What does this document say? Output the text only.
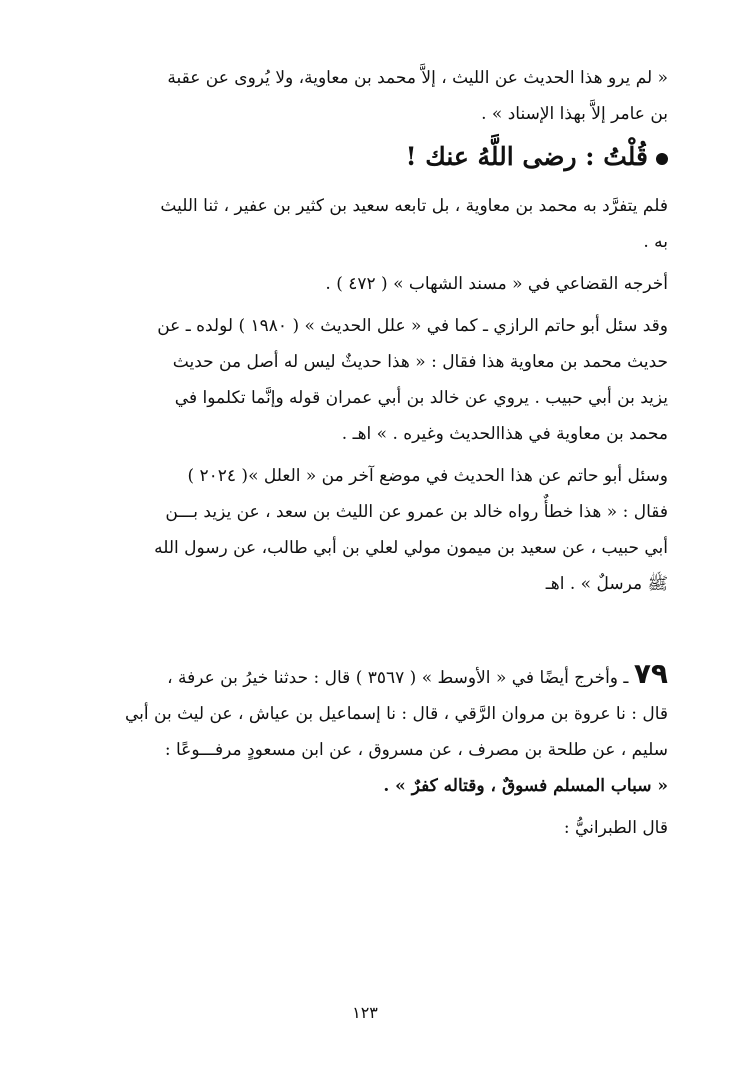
« لم يرو هذا الحديث عن الليث ، إلاَّ محمد بن معاوية، ولا يُروى عن عقبة
بن عامر إلاَّ بهذا الإسناد » .
قُلْتُ : رضى اللَّهُ عنك !
فلم يتفرَّد به محمد بن معاوية ، بل تابعه سعيد بن كثير بن عفير ، ثنا الليث
به .
أخرجه القضاعي في « مسند الشهاب » ( ٤٧٢ ) .
وقد سئل أبو حاتم الرازي ـ كما في « علل الحديث » ( ١٩٨٠ ) لولده ـ عن
حديث محمد بن معاوية هذا فقال : « هذا حديثٌ ليس له أصل من حديث
يزيد بن أبي حبيب . يروي عن خالد بن أبي عمران قوله وإنَّما تكلموا في
محمد بن معاوية في هذاالحديث وغيره . » اهـ .
وسئل أبو حاتم عن هذا الحديث في موضع آخر من « العلل »( ٢٠٢٤ )
فقال : « هذا خطأٌ رواه خالد بن عمرو عن الليث بن سعد ، عن يزيد بـــن
أبي حبيب ، عن سعيد بن ميمون مولي لعلي بن أبي طالب، عن رسول الله
ﷺ مرسلٌ » . اهـ
٧٩ ـ وأخرج أيضًا في « الأوسط » ( ٣٥٦٧ ) قال : حدثنا خيرُ بن عرفة ،
قال : نا عروة بن مروان الرَّقي ، قال : نا إسماعيل بن عياش ، عن ليث بن أبي
سليم ، عن طلحة بن مصرف ، عن مسروق ، عن ابن مسعودٍ مرفـــوعًا :
« سباب المسلم فسوقٌ ، وقتاله كفرٌ » .
قال الطبرانيُّ :
١٢٣
